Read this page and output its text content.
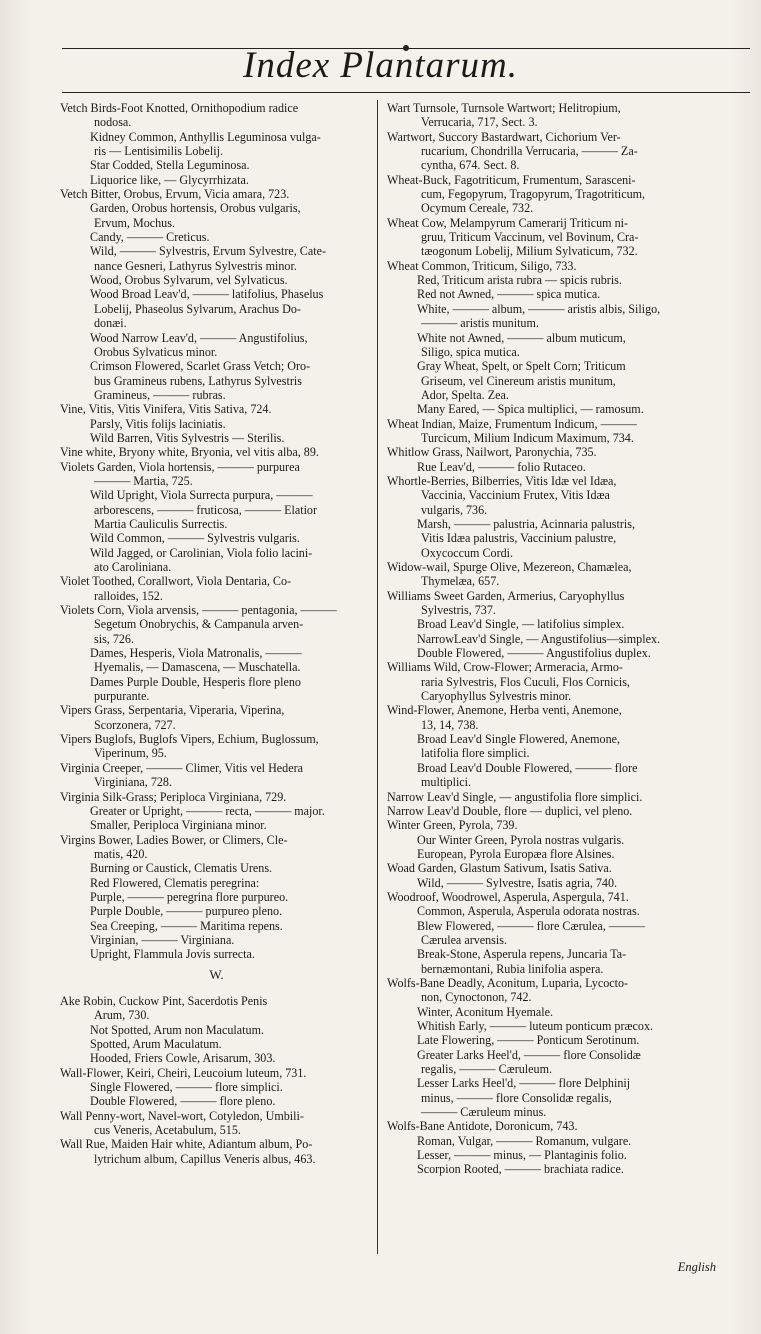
Index Plantarum.
Vetch Birds-Foot Knotted, Ornithopodium radice
nodosa.
Kidney Common, Anthyllis Leguminosa vulga-
ris — Lentisimilis Lobelij.
Star Codded, Stella Leguminosa.
Liquorice like, — Glycyrrhizata.
Vetch Bitter, Orobus, Ervum, Vicia amara, 723.
Garden, Orobus hortensis, Orobus vulgaris,
Ervum, Mochus.
Candy, ——— Creticus.
Wild, ——— Sylvestris, Ervum Sylvestre, Cate-
nance Gesneri, Lathyrus Sylvestris minor.
Wood, Orobus Sylvarum, vel Sylvaticus.
Wood Broad Leav'd, ——— latifolius, Phaselus
Lobelij, Phaseolus Sylvarum, Arachus Do-
donæi.
Wood Narrow Leav'd, ——— Angustifolius,
Orobus Sylvaticus minor.
Crimson Flowered, Scarlet Grass Vetch; Oro-
bus Gramineus rubens, Lathyrus Sylvestris
Gramineus, ——— rubras.
Vine, Vitis, Vitis Vinifera, Vitis Sativa, 724.
Parsly, Vitis folijs laciniatis.
Wild Barren, Vitis Sylvestris — Sterilis.
Vine white, Bryony white, Bryonia, vel vitis alba, 89.
Violets Garden, Viola hortensis, ——— purpurea
——— Martia, 725.
Wild Upright, Viola Surrecta purpura, ———
arborescens, ——— fruticosa, ——— Elatior
Martia Cauliculis Surrectis.
Wild Common, ——— Sylvestris vulgaris.
Wild Jagged, or Carolinian, Viola folio lacini-
ato Caroliniana.
Violet Toothed, Corallwort, Viola Dentaria, Co-
ralloides, 152.
Violets Corn, Viola arvensis, ——— pentagonia, ———
Segetum Onobrychis, & Campanula arven-
sis, 726.
Dames, Hesperis, Viola Matronalis, ———
Hyemalis, — Damascena, — Muschatella.
Dames Purple Double, Hesperis flore pleno
purpurante.
Vipers Grass, Serpentaria, Viperaria, Viperina,
Scorzonera, 727.
Vipers Buglofs, Buglofs Vipers, Echium, Buglossum,
Viperinum, 95.
Virginia Creeper, ——— Climer, Vitis vel Hedera
Virginiana, 728.
Virginia Silk-Grass; Periploca Virginiana, 729.
Greater or Upright, ——— recta, ——— major.
Smaller, Periploca Virginiana minor.
Virgins Bower, Ladies Bower, or Climers, Cle-
matis, 420.
Burning or Caustick, Clematis Urens.
Red Flowered, Clematis peregrina:
Purple, ——— peregrina flore purpureo.
Purple Double, ——— purpureo pleno.
Sea Creeping, ——— Maritima repens.
Virginian, ——— Virginiana.
Upright, Flammula Jovis surrecta.
W.
Ake Robin, Cuckow Pint, Sacerdotis Penis
Arum, 730.
Not Spotted, Arum non Maculatum.
Spotted, Arum Maculatum.
Hooded, Friers Cowle, Arisarum, 303.
Wall-Flower, Keiri, Cheiri, Leucoium luteum, 731.
Single Flowered, ——— flore simplici.
Double Flowered, ——— flore pleno.
Wall Penny-wort, Navel-wort, Cotyledon, Umbili-
cus Veneris, Acetabulum, 515.
Wall Rue, Maiden Hair white, Adiantum album, Po-
lytrichum album, Capillus Veneris albus, 463.
Wart Turnsole, Turnsole Wartwort; Helitropium,
Verrucaria, 717, Sect. 3.
Wartwort, Succory Bastardwart, Cichorium Ver-
rucarium, Chondrilla Verrucaria, ——— Za-
cyntha, 674. Sect. 8.
Wheat-Buck, Fagotriticum, Frumentum, Sarasceni-
cum, Fegopyrum, Tragopyrum, Tragotriticum,
Ocymum Cereale, 732.
Wheat Cow, Melampyrum Camerarij Triticum ni-
gruu, Triticum Vaccinum, vel Bovinum, Cra-
tæogonum Lobelij, Milium Sylvaticum, 732.
Wheat Common, Triticum, Siligo, 733.
Red, Triticum arista rubra — spicis rubris.
Red not Awned, ——— spica mutica.
White, ——— album, ——— aristis albis, Siligo,
——— aristis munitum.
White not Awned, ——— album muticum,
Siligo, spica mutica.
Gray Wheat, Spelt, or Spelt Corn; Triticum
Griseum, vel Cinereum aristis munitum,
Ador, Spelta. Zea.
Many Eared, — Spica multiplici, — ramosum.
Wheat Indian, Maize, Frumentum Indicum, ———
Turcicum, Milium Indicum Maximum, 734.
Whitlow Grass, Nailwort, Paronychia, 735.
Rue Leav'd, ——— folio Rutaceo.
Whortle-Berries, Bilberries, Vitis Idæ vel Idæa,
Vaccinia, Vaccinium Frutex, Vitis Idæa
vulgaris, 736.
Marsh, ——— palustria, Acinnaria palustris,
Vitis Idæa palustris, Vaccinium palustre,
Oxycoccum Cordi.
Widow-wail, Spurge Olive, Mezereon, Chamælea,
Thymelæa, 657.
Williams Sweet Garden, Armerius, Caryophyllus
Sylvestris, 737.
Broad Leav'd Single, — latifolius simplex.
NarrowLeav'd Single, — Angustifolius—simplex.
Double Flowered, ——— Angustifolius duplex.
Williams Wild, Crow-Flower; Armeracia, Armo-
raria Sylvestris, Flos Cuculi, Flos Cornicis,
Caryophyllus Sylvestris minor.
Wind-Flower, Anemone, Herba venti, Anemone,
13, 14, 738.
Broad Leav'd Single Flowered, Anemone,
latifolia flore simplici.
Broad Leav'd Double Flowered, ——— flore
multiplici.
Narrow Leav'd Single, — angustifolia flore simplici.
Narrow Leav'd Double, flore — duplici, vel pleno.
Winter Green, Pyrola, 739.
Our Winter Green, Pyrola nostras vulgaris.
European, Pyrola Europæa flore Alsines.
Woad Garden, Glastum Sativum, Isatis Sativa.
Wild, ——— Sylvestre, Isatis agria, 740.
Woodroof, Woodrowel, Asperula, Aspergula, 741.
Common, Asperula, Asperula odorata nostras.
Blew Flowered, ——— flore Cærulea, ———
Cærulea arvensis.
Break-Stone, Asperula repens, Juncaria Ta-
bernæmontani, Rubia linifolia aspera.
Wolfs-Bane Deadly, Aconitum, Luparia, Lycocto-
non, Cynoctonon, 742.
Winter, Aconitum Hyemale.
Whitish Early, ——— luteum ponticum præcox.
Late Flowering, ——— Ponticum Serotinum.
Greater Larks Heel'd, ——— flore Consolidæ
regalis, ——— Cæruleum.
Lesser Larks Heel'd, ——— flore Delphinij
minus, ——— flore Consolidæ regalis,
——— Cæruleum minus.
Wolfs-Bane Antidote, Doronicum, 743.
Roman, Vulgar, ——— Romanum, vulgare.
Lesser, ——— minus, — Plantaginis folio.
Scorpion Rooted, ——— brachiata radice.
English
